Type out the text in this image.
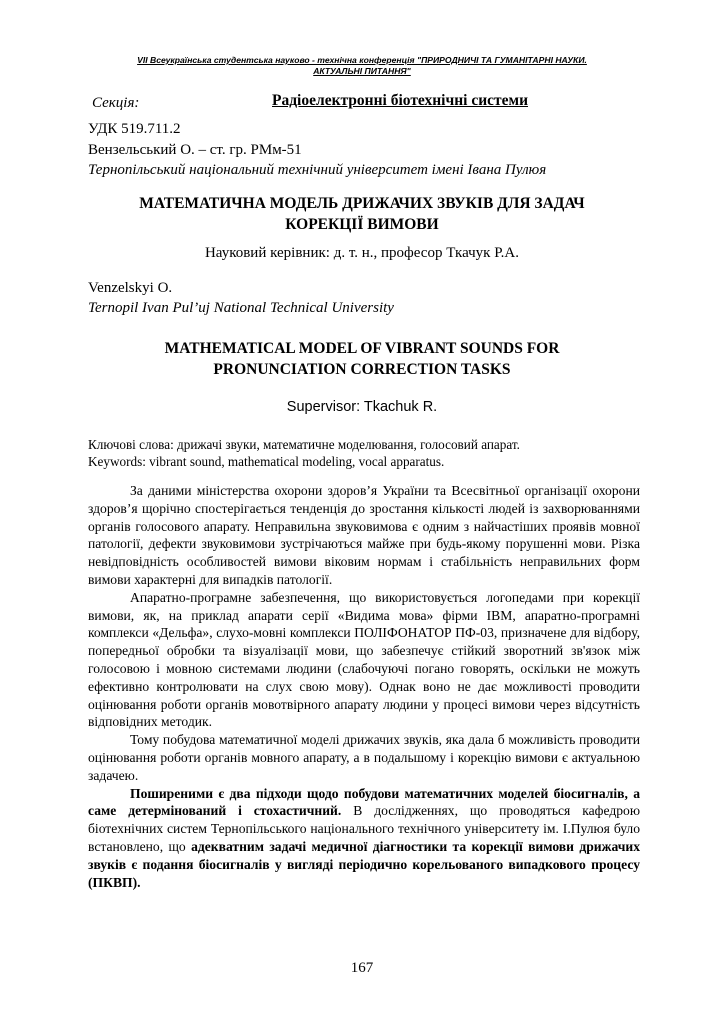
VII Всеукраїнська студентська науково - технічна конференція "ПРИРОДНИЧІ ТА ГУМАНІТАРНІ НАУКИ.
АКТУАЛЬНІ ПИТАННЯ"
Секція:	Радіоелектронні біотехнічні системи
УДК 519.711.2
Вензельський О. – ст. гр. РМм-51
Тернопільський національний технічний університет імені Івана Пулюя
МАТЕМАТИЧНА МОДЕЛЬ ДРИЖАЧИХ ЗВУКІВ ДЛЯ ЗАДАЧ
КОРЕКЦІЇ ВИМОВИ
Науковий керівник: д. т. н., професор Ткачук Р.А.
Venzelskyi O.
Ternopil Ivan Pul’uj National Technical University
MATHEMATICAL MODEL OF VIBRANT SOUNDS FOR
PRONUNCIATION CORRECTION TASKS
Supervisor: Tkachuk R.
Ключові слова: дрижачі звуки, математичне моделювання, голосовий апарат.
Keywords: vibrant sound, mathematical modeling, vocal apparatus.

За даними міністерства охорони здоров’я України та Всесвітньої організації охорони здоров’я щорічно спостерігається тенденція до зростання кількості людей із захворюваннями органів голосового апарату. Неправильна звуковимова є одним з найчастіших проявів мовної патології, дефекти звуковимови зустрічаються майже при будь-якому порушенні мови. Різка невідповідність особливостей вимови віковим нормам і стабільність неправильних форм вимови характерні для випадків патології.

Апаратно-програмне забезпечення, що використовується логопедами при корекції вимови, як, на приклад апарати серії «Видима мова» фірми IBM, апаратно-програмні комплекси «Дельфа», слухо-мовні комплекси ПОЛІФОНАТОР ПФ-03, призначене для відбору, попередньої обробки та візуалізації мови, що забезпечує стійкий зворотний зв'язок між голосовою і мовною системами людини (слабочуючі погано говорять, оскільки не можуть ефективно контролювати на слух свою мову). Однак воно не дає можливості проводити оцінювання роботи органів мовотвірного апарату людини у процесі вимови через відсутність відповідних методик.

Тому побудова математичної моделі дрижачих звуків, яка дала б можливість проводити оцінювання роботи органів мовного апарату, а в подальшому і корекцію вимови є актуальною задачею.

Поширеними є два підходи щодо побудови математичних моделей біосигналів, а саме детермінований і стохастичний. В дослідженнях, що проводяться кафедрою біотехнічних систем Тернопільського національного технічного університету ім. І.Пулюя було встановлено, що адекватним задачі медичної діагностики та корекції вимови дрижачих звуків є подання біосигналів у вигляді періодично корельованого випадкового процесу (ПКВП).

167
